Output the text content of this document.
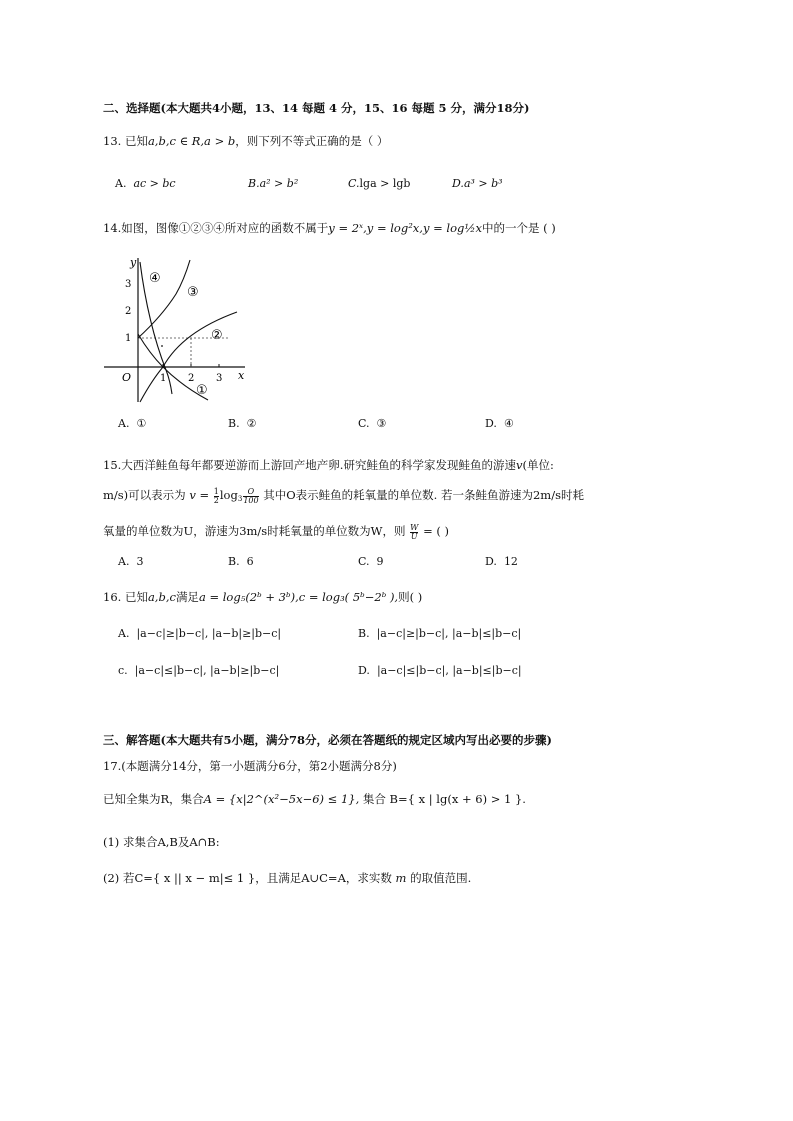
二、选择题(本大题共4小题，13、14 每题 4 分，15、16 每题 5 分，满分18分)
13. 已知a,b,c ∈ R,a > b，则下列不等式正确的是（ ）
A. ac > bc	B.a² > b²	C.lga > lgb	D.a³ > b³
14.如图，图像①②③④所对应的函数不属于y = 2ˣ,y = log²x,y = log½x中的一个是 ( )
y
x
O	1 2 3
1
2
3 ④
③
②
①
A. ①	B. ②	C. ③	D. ④
15.大西洋鲑鱼每年都要逆游而上游回产地产卵.研究鲑鱼的科学家发现鲑鱼的游速v(单位:
m/s)可以表示为 $v = \frac{1}{2} \log_3 \frac{O}{100}$ 其中O表示鲑鱼的耗氧量的单位数. 若一条鲑鱼游速为2m/s时耗
氧量的单位数为U，游速为3m/s时耗氧量的单位数为W，则 $\frac{W}{U}$ = ( )
A. 3	B. 6	C. 9	D. 12
16. 已知a,b,c满足a = log₅(2ᵇ + 3ᵇ),c = log₃( 5ᵇ−2ᵇ ),则( )
A. |a−c|≥|b−c|, |a−b|≥|b−c|	B. |a−c|≥|b−c|, |a−b|≤|b−c|
c. |a−c|≤|b−c|, |a−b|≥|b−c|	D. |a−c|≤|b−c|, |a−b|≤|b−c|
三、解答题(本大题共有5小题，满分78分，必须在答题纸的规定区域内写出必要的步骤)
17.(本题满分14分，第一小题满分6分，第2小题满分8分)
已知全集为R，集合A = {x|2^(x²−5x−6) ≤ 1}, 集合 B={ x | lg(x + 6) > 1 }.
(1) 求集合A,B及A∩B:
(2) 若C={ x || x − m|≤ 1 }，且满足A∪C=A，求实数 m 的取值范围.
